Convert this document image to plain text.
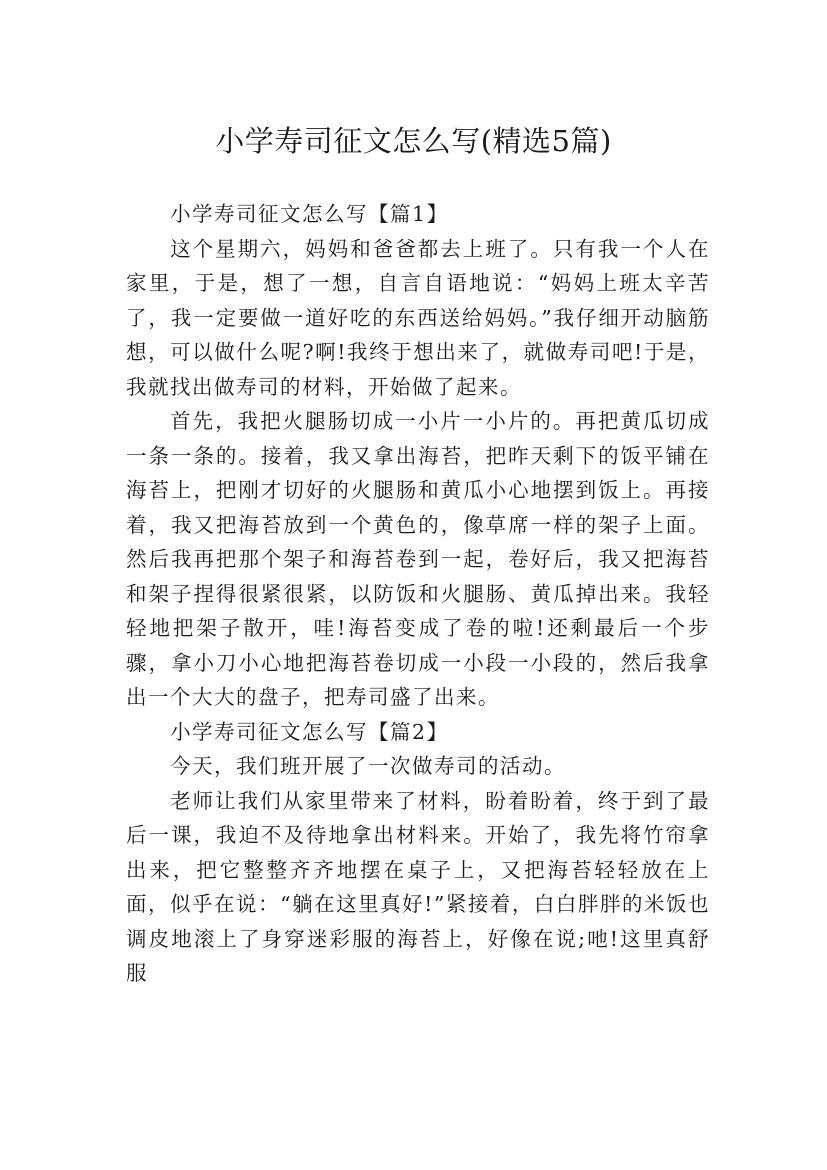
小学寿司征文怎么写(精选5篇)

小学寿司征文怎么写【篇1】

这个星期六，妈妈和爸爸都去上班了。只有我一个人在家里，于是，想了一想，自言自语地说：“妈妈上班太辛苦了，我一定要做一道好吃的东西送给妈妈。”我仔细开动脑筋想，可以做什么呢?啊!我终于想出来了，就做寿司吧!于是，我就找出做寿司的材料，开始做了起来。

首先，我把火腿肠切成一小片一小片的。再把黄瓜切成一条一条的。接着，我又拿出海苔，把昨天剩下的饭平铺在海苔上，把刚才切好的火腿肠和黄瓜小心地摆到饭上。再接着，我又把海苔放到一个黄色的，像草席一样的架子上面。然后我再把那个架子和海苔卷到一起，卷好后，我又把海苔和架子捏得很紧很紧，以防饭和火腿肠、黄瓜掉出来。我轻轻地把架子散开，哇!海苔变成了卷的啦!还剩最后一个步骤，拿小刀小心地把海苔卷切成一小段一小段的，然后我拿出一个大大的盘子，把寿司盛了出来。

小学寿司征文怎么写【篇2】

今天，我们班开展了一次做寿司的活动。

老师让我们从家里带来了材料，盼着盼着，终于到了最后一课，我迫不及待地拿出材料来。开始了，我先将竹帘拿出来，把它整整齐齐地摆在桌子上，又把海苔轻轻放在上面，似乎在说：“躺在这里真好!”紧接着，白白胖胖的米饭也调皮地滚上了身穿迷彩服的海苔上，好像在说;吔!这里真舒服
